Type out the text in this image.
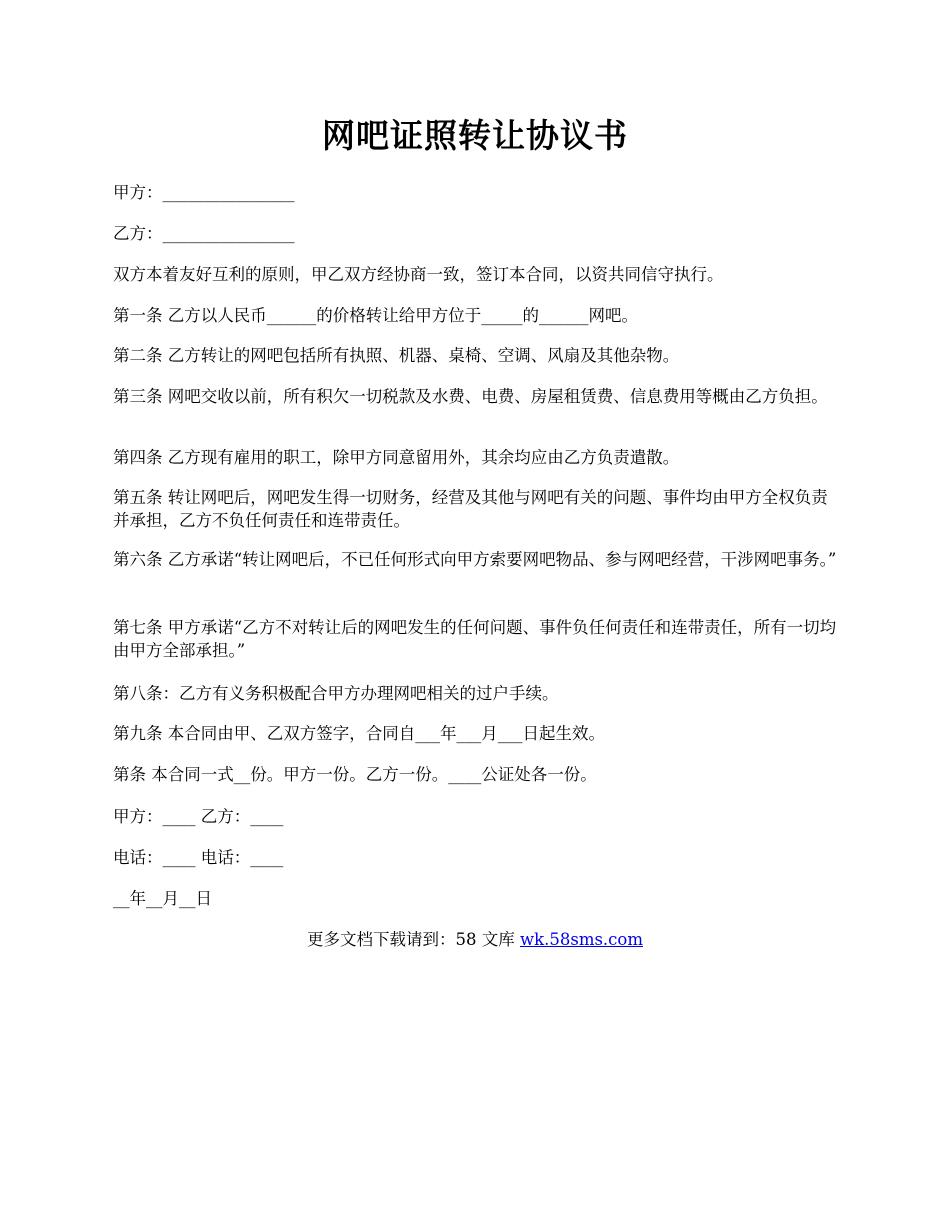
网吧证照转让协议书

甲方：________________

乙方：________________

双方本着友好互利的原则，甲乙双方经协商一致，签订本合同，以资共同信守执行。

第一条 乙方以人民币______的价格转让给甲方位于_____的______网吧。

第二条 乙方转让的网吧包括所有执照、机器、桌椅、空调、风扇及其他杂物。

第三条 网吧交收以前，所有积欠一切税款及水费、电费、房屋租赁费、信息费用等概由乙方负担。

第四条 乙方现有雇用的职工，除甲方同意留用外，其余均应由乙方负责遣散。

第五条 转让网吧后，网吧发生得一切财务，经营及其他与网吧有关的问题、事件均由甲方全权负责并承担，乙方不负任何责任和连带责任。

第六条 乙方承诺“转让网吧后，不已任何形式向甲方索要网吧物品、参与网吧经营，干涉网吧事务。”

第七条 甲方承诺“乙方不对转让后的网吧发生的任何问题、事件负任何责任和连带责任，所有一切均由甲方全部承担。”

第八条：乙方有义务积极配合甲方办理网吧相关的过户手续。

第九条 本合同由甲、乙双方签字，合同自___年___月___日起生效。

第条 本合同一式__份。甲方一份。乙方一份。____公证处各一份。

甲方：____ 乙方：____

电话：____ 电话：____

__年__月__日

更多文档下载请到：58 文库 wk.58sms.com
